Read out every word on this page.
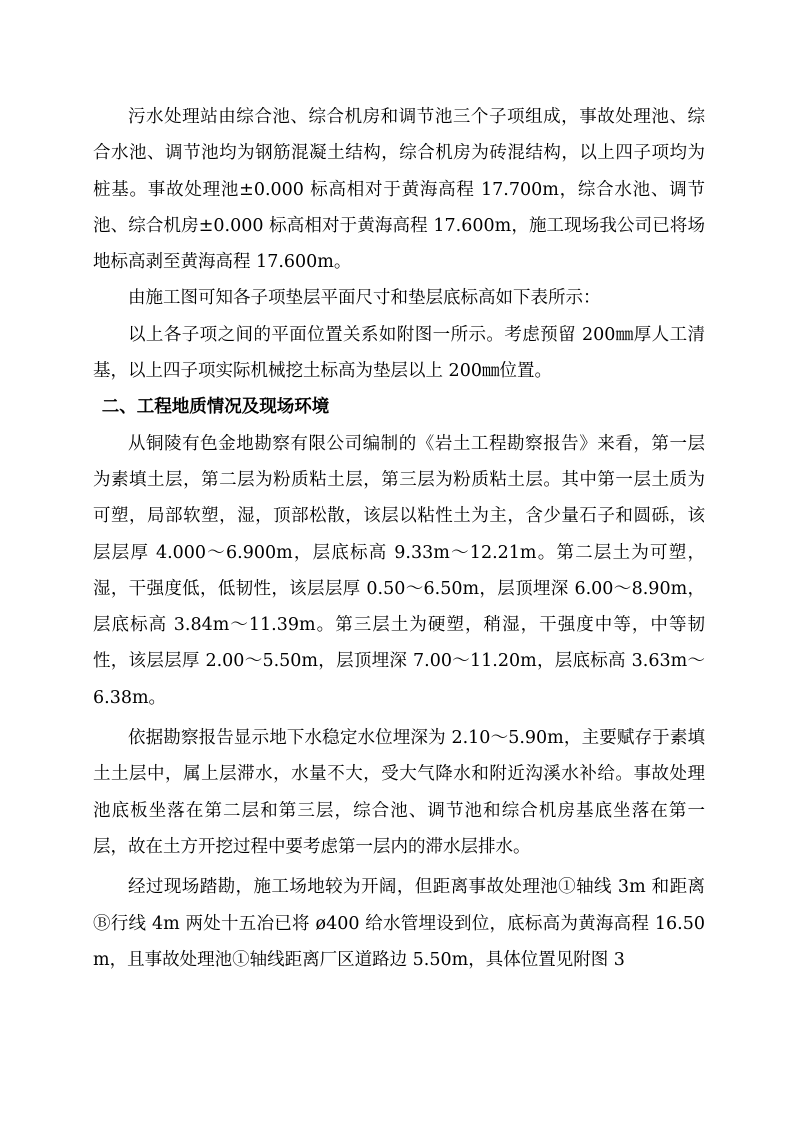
污水处理站由综合池、综合机房和调节池三个子项组成，事故处理池、综合水池、调节池均为钢筋混凝土结构，综合机房为砖混结构，以上四子项均为桩基。事故处理池±0.000 标高相对于黄海高程 17.700m，综合水池、调节池、综合机房±0.000 标高相对于黄海高程 17.600m，施工现场我公司已将场地标高剥至黄海高程 17.600m。

由施工图可知各子项垫层平面尺寸和垫层底标高如下表所示：

以上各子项之间的平面位置关系如附图一所示。考虑预留 200㎜厚人工清基，以上四子项实际机械挖土标高为垫层以上 200㎜位置。

二、工程地质情况及现场环境

从铜陵有色金地勘察有限公司编制的《岩土工程勘察报告》来看，第一层为素填土层，第二层为粉质粘土层，第三层为粉质粘土层。其中第一层土质为可塑，局部软塑，湿，顶部松散，该层以粘性土为主，含少量石子和圆砾，该层层厚 4.000～6.900m，层底标高 9.33m～12.21m。第二层土为可塑，湿，干强度低，低韧性，该层层厚 0.50～6.50m，层顶埋深 6.00～8.90m，层底标高 3.84m～11.39m。第三层土为硬塑，稍湿，干强度中等，中等韧性，该层层厚 2.00～5.50m，层顶埋深 7.00～11.20m，层底标高 3.63m～6.38m。

依据勘察报告显示地下水稳定水位埋深为 2.10～5.90m，主要赋存于素填土土层中，属上层滞水，水量不大，受大气降水和附近沟溪水补给。事故处理池底板坐落在第二层和第三层，综合池、调节池和综合机房基底坐落在第一层，故在土方开挖过程中要考虑第一层内的滞水层排水。

经过现场踏勘，施工场地较为开阔，但距离事故处理池①轴线 3m 和距离Ⓑ行线 4m 两处十五冶已将 ø400 给水管埋设到位，底标高为黄海高程 16.50m，且事故处理池①轴线距离厂区道路边 5.50m，具体位置见附图 3
